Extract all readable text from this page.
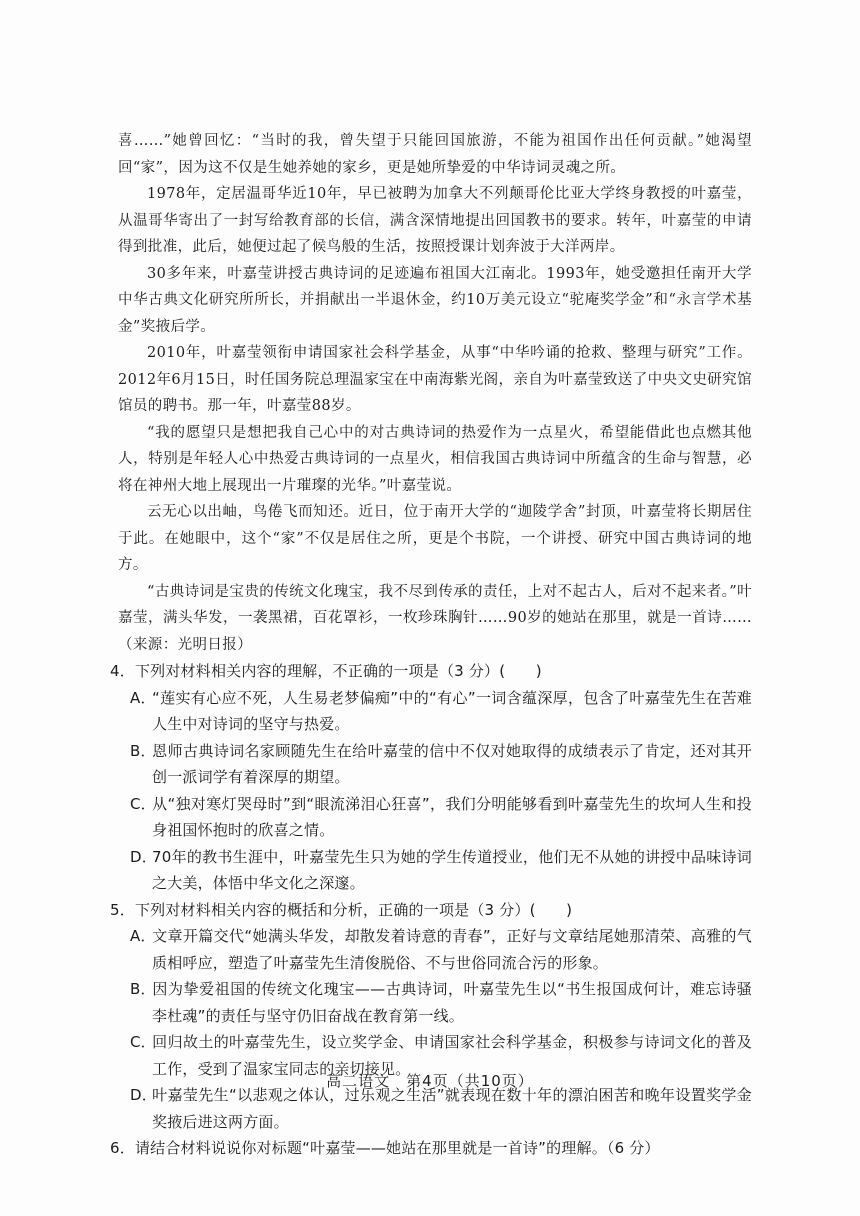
喜……”她曾回忆：“当时的我，曾失望于只能回国旅游，不能为祖国作出任何贡献。”她渴望回“家”，因为这不仅是生她养她的家乡，更是她所挚爱的中华诗词灵魂之所。

1978年，定居温哥华近10年，早已被聘为加拿大不列颠哥伦比亚大学终身教授的叶嘉莹，从温哥华寄出了一封写给教育部的长信，满含深情地提出回国教书的要求。转年，叶嘉莹的申请得到批准，此后，她便过起了候鸟般的生活，按照授课计划奔波于大洋两岸。

30多年来，叶嘉莹讲授古典诗词的足迹遍布祖国大江南北。1993年，她受邀担任南开大学中华古典文化研究所所长，并捐献出一半退休金，约10万美元设立“驼庵奖学金”和“永言学术基金”奖掖后学。

2010年，叶嘉莹领衔申请国家社会科学基金，从事“中华吟诵的抢救、整理与研究”工作。2012年6月15日，时任国务院总理温家宝在中南海紫光阁，亲自为叶嘉莹致送了中央文史研究馆馆员的聘书。那一年，叶嘉莹88岁。

“我的愿望只是想把我自己心中的对古典诗词的热爱作为一点星火，希望能借此也点燃其他人，特别是年轻人心中热爱古典诗词的一点星火，相信我国古典诗词中所蕴含的生命与智慧，必将在神州大地上展现出一片璀璨的光华。”叶嘉莹说。

云无心以出岫，鸟倦飞而知还。近日，位于南开大学的“迦陵学舍”封顶，叶嘉莹将长期居住于此。在她眼中，这个“家”不仅是居住之所，更是个书院，一个讲授、研究中国古典诗词的地方。

“古典诗词是宝贵的传统文化瑰宝，我不尽到传承的责任，上对不起古人，后对不起来者。”叶嘉莹，满头华发，一袭黑裙，百花罩衫，一枚珍珠胸针……90岁的她站在那里，就是一首诗……（来源：光明日报）

4．下列对材料相关内容的理解，不正确的一项是（3 分）(　　)

A．“莲实有心应不死，人生易老梦偏痴”中的“有心”一词含蕴深厚，包含了叶嘉莹先生在苦难人生中对诗词的坚守与热爱。

B．恩师古典诗词名家顾随先生在给叶嘉莹的信中不仅对她取得的成绩表示了肯定，还对其开创一派词学有着深厚的期望。

C．从“独对寒灯哭母时”到“眼流涕泪心狂喜”，我们分明能够看到叶嘉莹先生的坎坷人生和投身祖国怀抱时的欣喜之情。

D．70年的教书生涯中，叶嘉莹先生只为她的学生传道授业，他们无不从她的讲授中品味诗词之大美，体悟中华文化之深邃。

5．下列对材料相关内容的概括和分析，正确的一项是（3 分）(　　)

A．文章开篇交代“她满头华发，却散发着诗意的青春”，正好与文章结尾她那清荣、高雅的气质相呼应，塑造了叶嘉莹先生清俊脱俗、不与世俗同流合污的形象。

B．因为挚爱祖国的传统文化瑰宝——古典诗词，叶嘉莹先生以“书生报国成何计，难忘诗骚李杜魂”的责任与坚守仍旧奋战在教育第一线。

C．回归故土的叶嘉莹先生，设立奖学金、申请国家社会科学基金，积极参与诗词文化的普及工作，受到了温家宝同志的亲切接见。

D．叶嘉莹先生“以悲观之体认，过乐观之生活”就表现在数十年的漂泊困苦和晚年设置奖学金奖掖后进这两方面。

6．请结合材料说说你对标题“叶嘉莹——她站在那里就是一首诗”的理解。（6 分）

高二语文　第4页（共10页）
